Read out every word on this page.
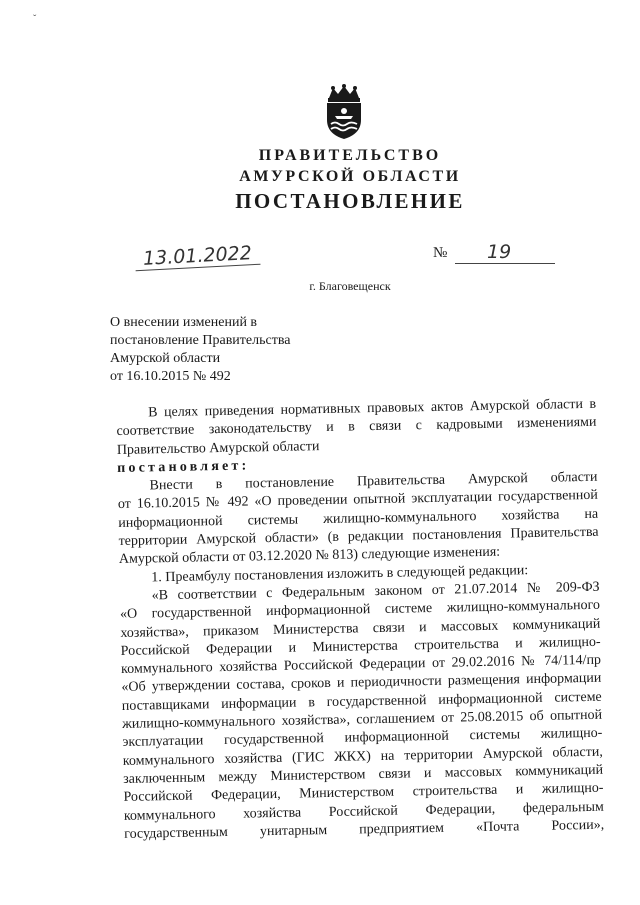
ˇ
ПРАВИТЕЛЬСТВО
АМУРСКОЙ ОБЛАСТИ
ПОСТАНОВЛЕНИЕ
13.01.2022	№	19
г. Благовещенск
О внесении изменений в
постановление Правительства
Амурской области
от 16.10.2015 № 492
В целях приведения нормативных правовых актов Амурской области в
соответствие законодательству и в связи с кадровыми изменениями
Правительство Амурской области
постановляет:
Внести в постановление Правительства Амурской области
от 16.10.2015 № 492 «О проведении опытной эксплуатации государственной
информационной системы жилищно-коммунального хозяйства на
территории Амурской области» (в редакции постановления Правительства
Амурской области от 03.12.2020 № 813) следующие изменения:
1. Преамбулу постановления изложить в следующей редакции:
«В соответствии с Федеральным законом от 21.07.2014 № 209-ФЗ
«О государственной информационной системе жилищно-коммунального
хозяйства», приказом Министерства связи и массовых коммуникаций
Российской Федерации и Министерства строительства и жилищно-
коммунального хозяйства Российской Федерации от 29.02.2016 № 74/114/пр
«Об утверждении состава, сроков и периодичности размещения информации
поставщиками информации в государственной информационной системе
жилищно-коммунального хозяйства», соглашением от 25.08.2015 об опытной
эксплуатации государственной информационной системы жилищно-
коммунального хозяйства (ГИС ЖКХ) на территории Амурской области,
заключенным между Министерством связи и массовых коммуникаций
Российской Федерации, Министерством строительства и жилищно-
коммунального хозяйства Российской Федерации, федеральным
государственным унитарным предприятием «Почта России»,
